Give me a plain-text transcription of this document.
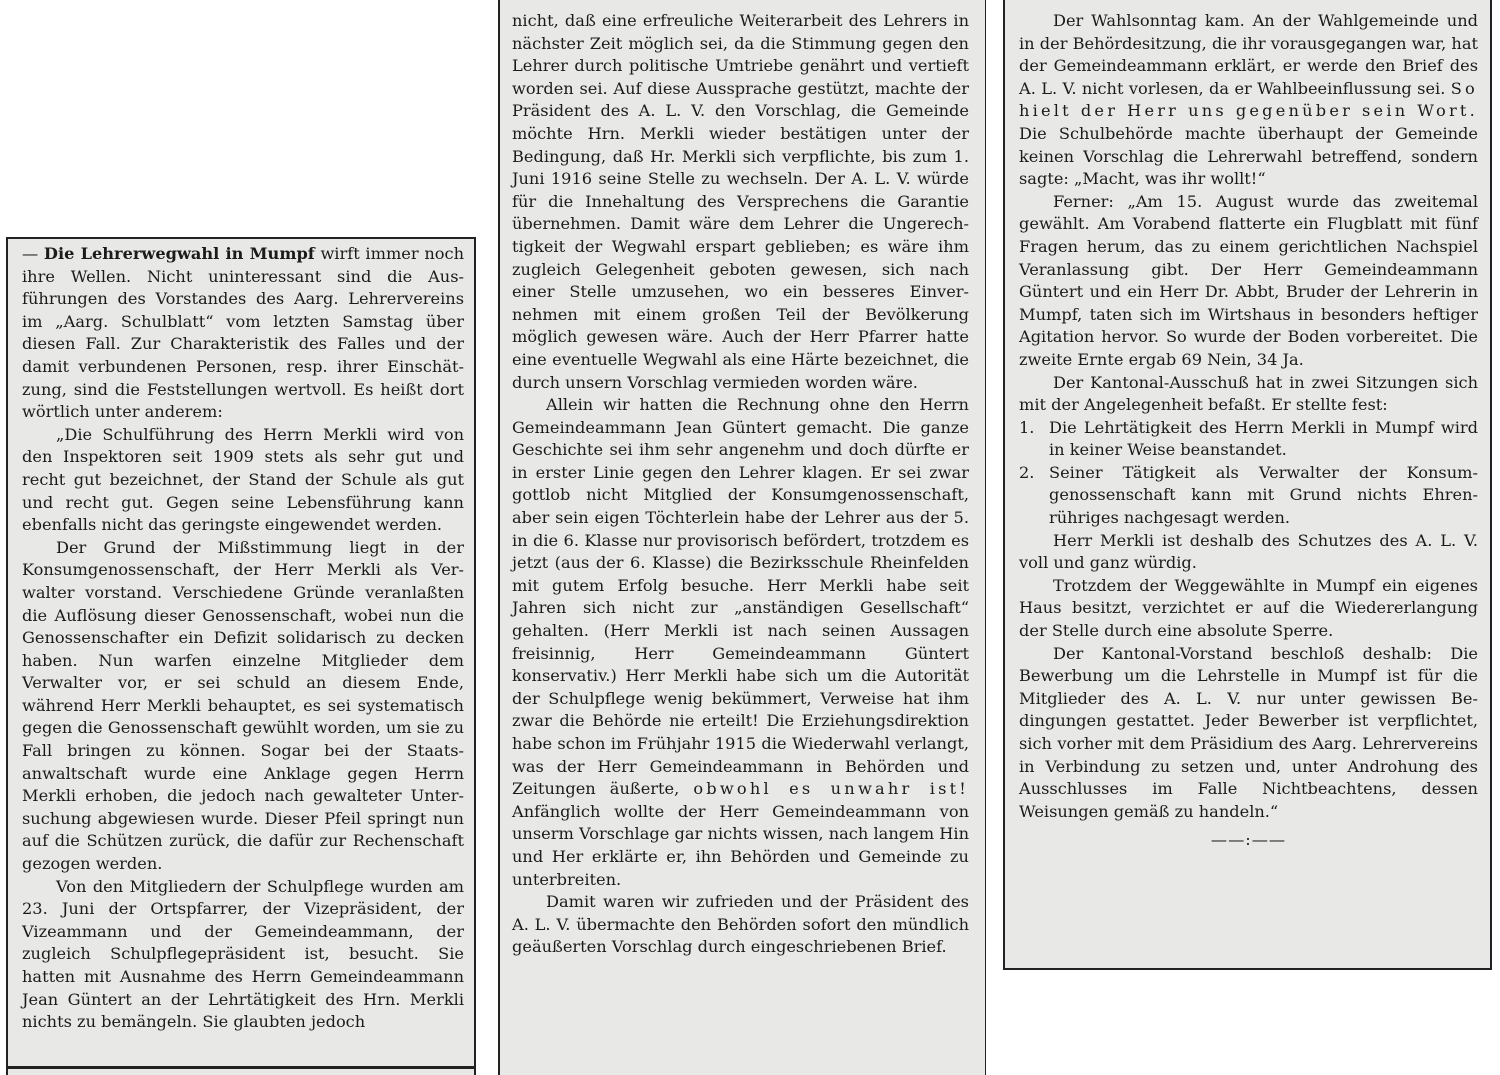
— Die Lehrerwegwahl in Mumpf wirft immer noch ihre Wellen. Nicht uninteressant sind die Ausführungen des Vorstandes des Aarg. Lehrervereins im „Aarg. Schulblatt“ vom letzten Samstag über diesen Fall. Zur Charakteristik des Falles und der damit verbundenen Personen, resp. ihrer Einschätzung, sind die Feststellungen wertvoll. Es heißt dort wörtlich unter anderem:

„Die Schulführung des Herrn Merkli wird von den Inspektoren seit 1909 stets als sehr gut und recht gut bezeichnet, der Stand der Schule als gut und recht gut. Gegen seine Lebensführung kann ebenfalls nicht das geringste eingewendet werden.

Der Grund der Mißstimmung liegt in der Konsumgenossenschaft, der Herr Merkli als Verwalter vorstand. Verschiedene Gründe veranlaßten die Auflösung dieser Genossenschaft, wobei nun die Genossenschafter ein Defizit solidarisch zu decken haben. Nun warfen einzelne Mitglieder dem Verwalter vor, er sei schuld an diesem Ende, während Herr Merkli behauptet, es sei systematisch gegen die Genossenschaft gewühlt worden, um sie zu Fall bringen zu können. Sogar bei der Staatsanwaltschaft wurde eine Anklage gegen Herrn Merkli erhoben, die jedoch nach gewalteter Untersuchung abgewiesen wurde. Dieser Pfeil springt nun auf die Schützen zurück, die dafür zur Rechenschaft gezogen werden.

Von den Mitgliedern der Schulpflege wurden am 23. Juni der Ortspfarrer, der Vizepräsident, der Vizeammann und der Gemeindeammann, der zugleich Schulpflegepräsident ist, besucht. Sie hatten mit Ausnahme des Herrn Gemeindeammann Jean Güntert an der Lehrtätigkeit des Hrn. Merkli nichts zu bemängeln. Sie glaubten jedoch

nicht, daß eine erfreuliche Weiterarbeit des Lehrers in nächster Zeit möglich sei, da die Stimmung gegen den Lehrer durch politische Umtriebe genährt und vertieft worden sei. Auf diese Aussprache gestützt, machte der Präsident des A. L. V. den Vorschlag, die Gemeinde möchte Hrn. Merkli wieder bestätigen unter der Bedingung, daß Hr. Merkli sich verpflichte, bis zum 1. Juni 1916 seine Stelle zu wechseln. Der A. L. V. würde für die Innehaltung des Versprechens die Garantie übernehmen. Damit wäre dem Lehrer die Ungerechtigkeit der Wegwahl erspart geblieben; es wäre ihm zugleich Gelegenheit geboten gewesen, sich nach einer Stelle umzusehen, wo ein besseres Einvernehmen mit einem großen Teil der Bevölkerung möglich gewesen wäre. Auch der Herr Pfarrer hatte eine eventuelle Wegwahl als eine Härte bezeichnet, die durch unsern Vorschlag vermieden worden wäre.

Allein wir hatten die Rechnung ohne den Herrn Gemeindeammann Jean Güntert gemacht. Die ganze Geschichte sei ihm sehr angenehm und doch dürfte er in erster Linie gegen den Lehrer klagen. Er sei zwar gottlob nicht Mitglied der Konsumgenossenschaft, aber sein eigen Töchterlein habe der Lehrer aus der 5. in die 6. Klasse nur provisorisch befördert, trotzdem es jetzt (aus der 6. Klasse) die Bezirksschule Rheinfelden mit gutem Erfolg besuche. Herr Merkli habe seit Jahren sich nicht zur „anständigen Gesellschaft“ gehalten. (Herr Merkli ist nach seinen Aussagen freisinnig, Herr Gemeindeammann Güntert konservativ.) Herr Merkli habe sich um die Autorität der Schulpflege wenig bekümmert, Verweise hat ihm zwar die Behörde nie erteilt! Die Erziehungsdirektion habe schon im Frühjahr 1915 die Wiederwahl verlangt, was der Herr Gemeindeammann in Behörden und Zeitungen äußerte, obwohl es unwahr ist! Anfänglich wollte der Herr Gemeindeammann von unserm Vorschlage gar nichts wissen, nach langem Hin und Her erklärte er, ihn Behörden und Gemeinde zu unterbreiten.

Damit waren wir zufrieden und der Präsident des A. L. V. übermachte den Behörden sofort den mündlich geäußerten Vorschlag durch eingeschriebenen Brief.

Der Wahlsonntag kam. An der Wahlgemeinde und in der Behördesitzung, die ihr vorausgegangen war, hat der Gemeindeammann erklärt, er werde den Brief des A. L. V. nicht vorlesen, da er Wahlbeeinflussung sei. So hielt der Herr uns gegenüber sein Wort. Die Schulbehörde machte überhaupt der Gemeinde keinen Vorschlag die Lehrerwahl betreffend, sondern sagte: „Macht, was ihr wollt!“

Ferner: „Am 15. August wurde das zweitemal gewählt. Am Vorabend flatterte ein Flugblatt mit fünf Fragen herum, das zu einem gerichtlichen Nachspiel Veranlassung gibt. Der Herr Gemeindeammann Güntert und ein Herr Dr. Abbt, Bruder der Lehrerin in Mumpf, taten sich im Wirtshaus in besonders heftiger Agitation hervor. So wurde der Boden vorbereitet. Die zweite Ernte ergab 69 Nein, 34 Ja.

Der Kantonal-Ausschuß hat in zwei Sitzungen sich mit der Angelegenheit befaßt. Er stellte fest:

1. Die Lehrtätigkeit des Herrn Merkli in Mumpf wird in keiner Weise beanstandet.
2. Seiner Tätigkeit als Verwalter der Konsumgenossenschaft kann mit Grund nichts Ehrenrühriges nachgesagt werden.

Herr Merkli ist deshalb des Schutzes des A. L. V. voll und ganz würdig.

Trotzdem der Weggewählte in Mumpf ein eigenes Haus besitzt, verzichtet er auf die Wiedererlangung der Stelle durch eine absolute Sperre.

Der Kantonal-Vorstand beschloß deshalb: Die Bewerbung um die Lehrstelle in Mumpf ist für die Mitglieder des A. L. V. nur unter gewissen Bedingungen gestattet. Jeder Bewerber ist verpflichtet, sich vorher mit dem Präsidium des Aarg. Lehrervereins in Verbindung zu setzen und, unter Androhung des Ausschlusses im Falle Nichtbeachtens, dessen Weisungen gemäß zu handeln.“

——:——
